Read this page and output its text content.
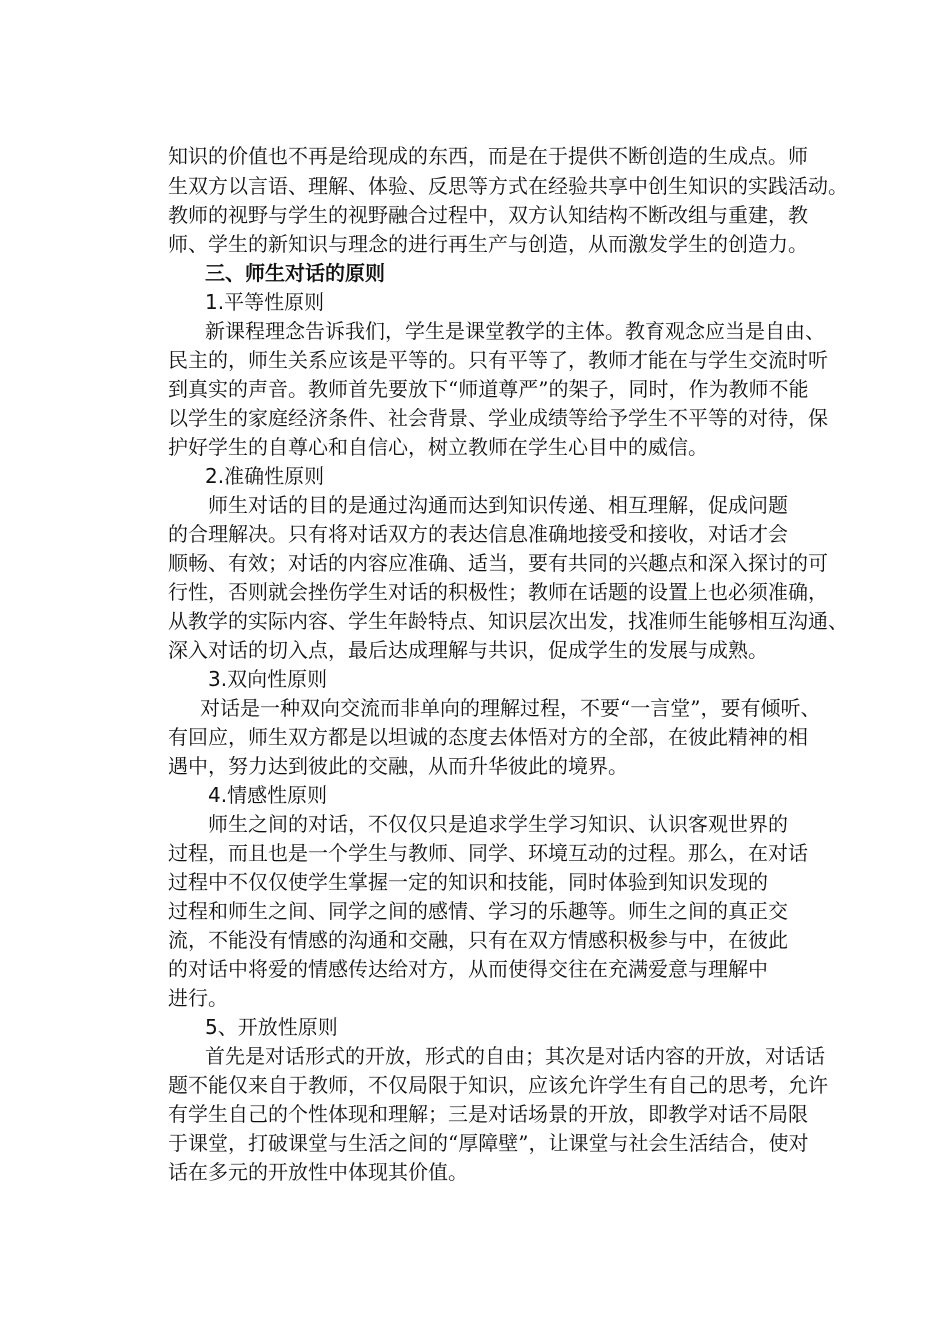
知识的价值也不再是给现成的东西，而是在于提供不断创造的生成点。师
生双方以言语、理解、体验、反思等方式在经验共享中创生知识的实践活动。
教师的视野与学生的视野融合过程中，双方认知结构不断改组与重建，教
师、学生的新知识与理念的进行再生产与创造，从而激发学生的创造力。
三、师生对话的原则
1.平等性原则
新课程理念告诉我们，学生是课堂教学的主体。教育观念应当是自由、
民主的，师生关系应该是平等的。只有平等了，教师才能在与学生交流时听
到真实的声音。教师首先要放下“师道尊严”的架子，同时，作为教师不能
以学生的家庭经济条件、社会背景、学业成绩等给予学生不平等的对待，保
护好学生的自尊心和自信心，树立教师在学生心目中的威信。
2.准确性原则
师生对话的目的是通过沟通而达到知识传递、相互理解，促成问题
的合理解决。只有将对话双方的表达信息准确地接受和接收，对话才会
顺畅、有效；对话的内容应准确、适当，要有共同的兴趣点和深入探讨的可
行性，否则就会挫伤学生对话的积极性；教师在话题的设置上也必须准确，
从教学的实际内容、学生年龄特点、知识层次出发，找准师生能够相互沟通、
深入对话的切入点，最后达成理解与共识，促成学生的发展与成熟。
3.双向性原则
对话是一种双向交流而非单向的理解过程，不要“一言堂”，要有倾听、
有回应，师生双方都是以坦诚的态度去体悟对方的全部，在彼此精神的相
遇中，努力达到彼此的交融，从而升华彼此的境界。
4.情感性原则
师生之间的对话，不仅仅只是追求学生学习知识、认识客观世界的
过程，而且也是一个学生与教师、同学、环境互动的过程。那么，在对话
过程中不仅仅使学生掌握一定的知识和技能，同时体验到知识发现的
过程和师生之间、同学之间的感情、学习的乐趣等。师生之间的真正交
流，不能没有情感的沟通和交融，只有在双方情感积极参与中，在彼此
的对话中将爱的情感传达给对方，从而使得交往在充满爱意与理解中
进行。
5、开放性原则
首先是对话形式的开放，形式的自由；其次是对话内容的开放，对话话
题不能仅来自于教师，不仅局限于知识，应该允许学生有自己的思考，允许
有学生自己的个性体现和理解；三是对话场景的开放，即教学对话不局限
于课堂，打破课堂与生活之间的“厚障壁”，让课堂与社会生活结合，使对
话在多元的开放性中体现其价值。
